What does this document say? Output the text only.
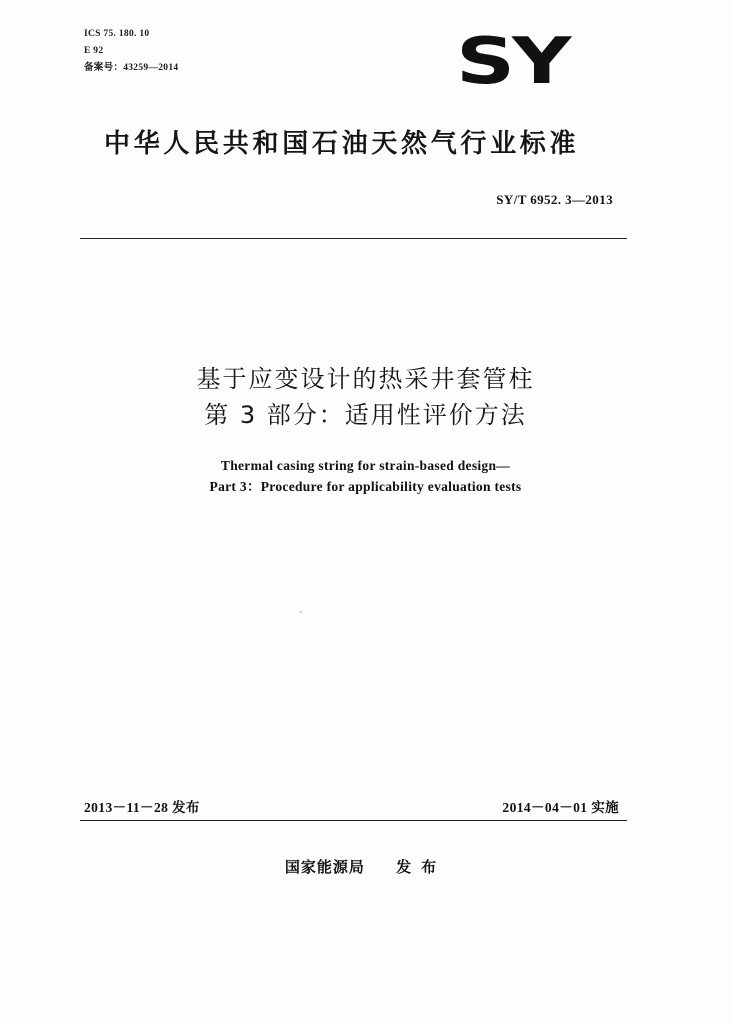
ICS 75. 180. 10
E 92
备案号：43259—2014	SY
中华人民共和国石油天然气行业标准
SY/T 6952. 3—2013
基于应变设计的热采井套管柱
第 3 部分：适用性评价方法
Thermal casing string for strain-based design—
Part 3：Procedure for applicability evaluation tests
2013－11－28 发布	2014－04－01 实施
国家能源局 发布
